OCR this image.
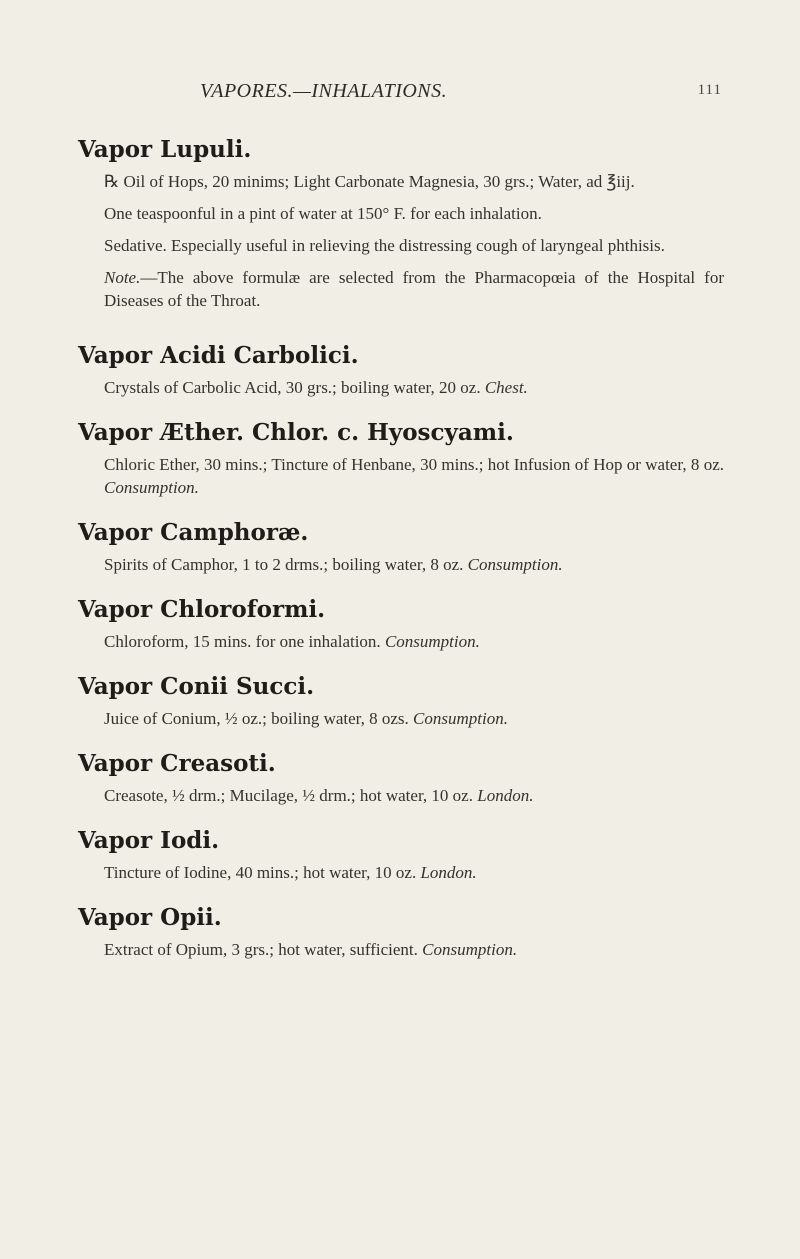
VAPORES.—INHALATIONS.	111
Vapor Lupuli.

℞ Oil of Hops, 20 minims; Light Carbonate Magnesia, 30 grs.; Water, ad ℥iij.

One teaspoonful in a pint of water at 150° F. for each inhalation.

Sedative. Especially useful in relieving the distressing cough of laryngeal phthisis.

Note.—The above formulæ are selected from the Pharmacopœia of the Hospital for Diseases of the Throat.

Vapor Acidi Carbolici.

Crystals of Carbolic Acid, 30 grs.; boiling water, 20 oz. Chest.

Vapor Æther. Chlor. c. Hyoscyami.

Chloric Ether, 30 mins.; Tincture of Henbane, 30 mins.; hot Infusion of Hop or water, 8 oz. Consumption.

Vapor Camphoræ.

Spirits of Camphor, 1 to 2 drms.; boiling water, 8 oz. Consumption.

Vapor Chloroformi.

Chloroform, 15 mins. for one inhalation. Consumption.

Vapor Conii Succi.

Juice of Conium, ½ oz.; boiling water, 8 ozs. Consumption.

Vapor Creasoti.

Creasote, ½ drm.; Mucilage, ½ drm.; hot water, 10 oz. London.

Vapor Iodi.

Tincture of Iodine, 40 mins.; hot water, 10 oz. London.

Vapor Opii.

Extract of Opium, 3 grs.; hot water, sufficient. Consumption.
